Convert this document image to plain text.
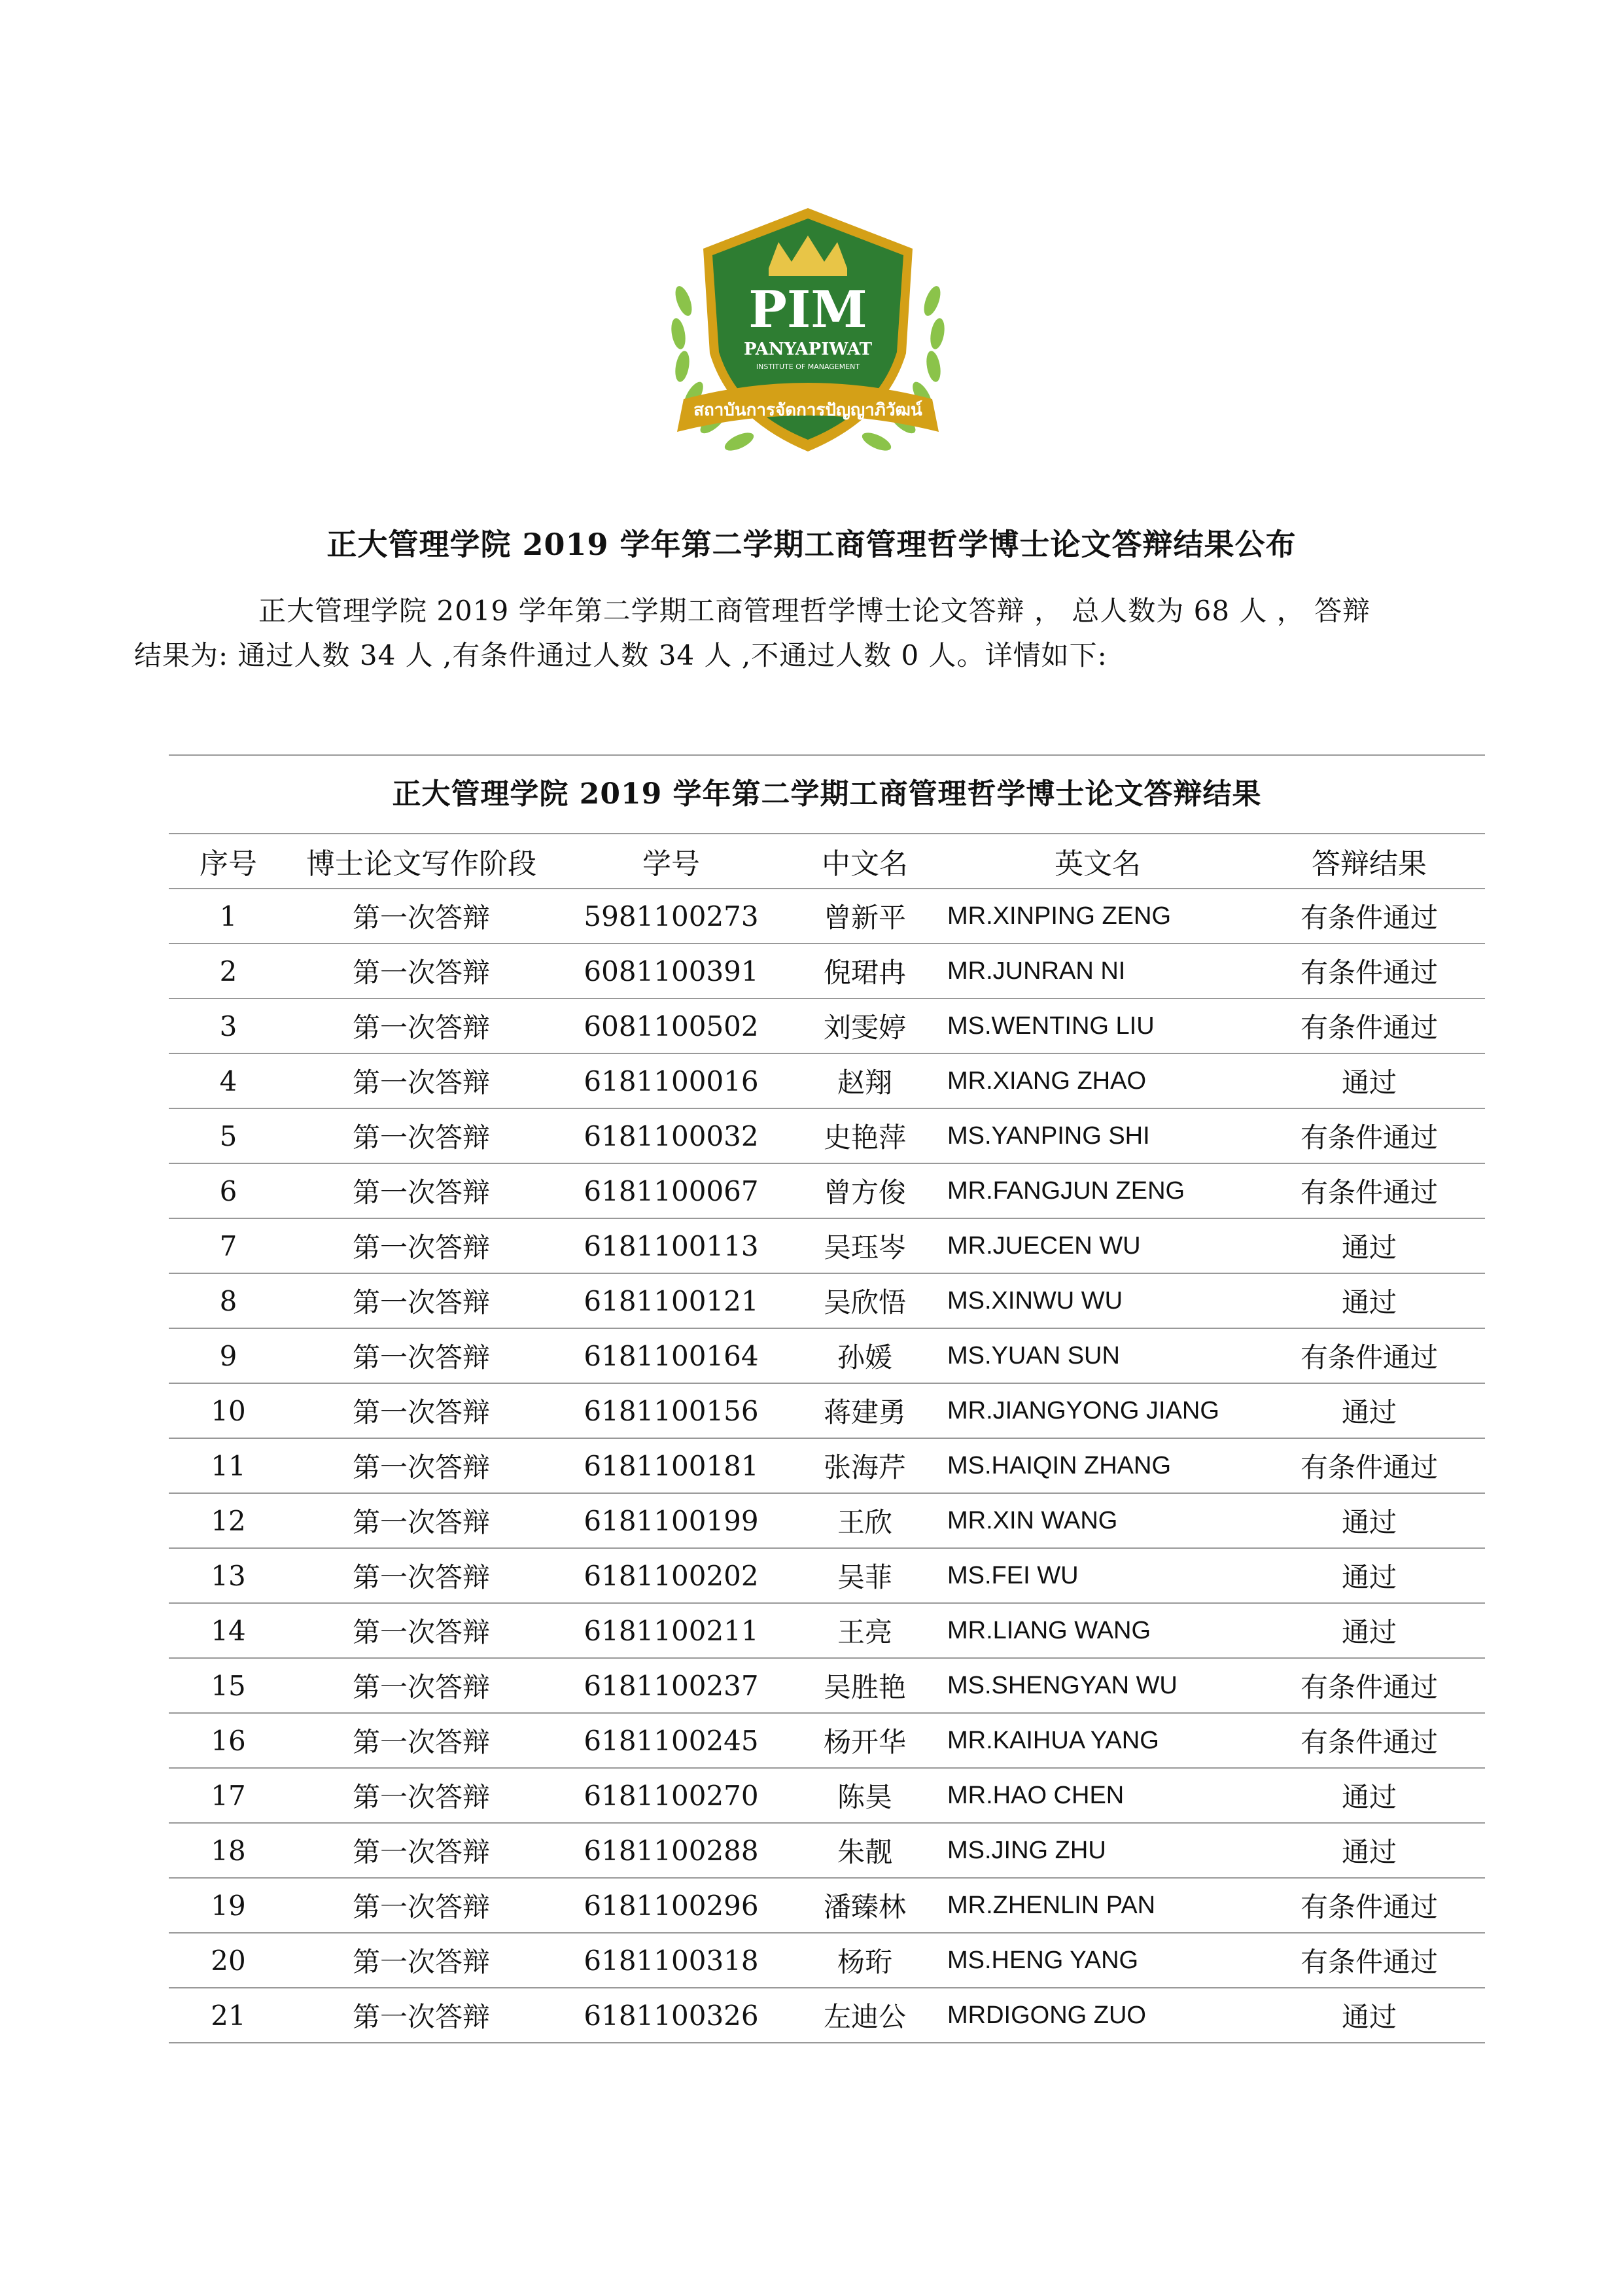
PIM
PANYAPIWAT
INSTITUTE OF MANAGEMENT
สถาบันการจัดการปัญญาภิวัฒน์
正大管理学院 2019 学年第二学期工商管理哲学博士论文答辩结果公布
正大管理学院 2019 学年第二学期工商管理哲学博士论文答辩 ， 总人数为 68 人 ， 答辩
结果为: 通过人数 34 人 ,有条件通过人数 34 人 ,不通过人数 0 人。详情如下:
正大管理学院 2019 学年第二学期工商管理哲学博士论文答辩结果
序号	博士论文写作阶段	学号	中文名	英文名	答辩结果
1	第一次答辩	5981100273	曾新平	MR.XINPING ZENG	有条件通过
2	第一次答辩	6081100391	倪珺冉	MR.JUNRAN NI	有条件通过
3	第一次答辩	6081100502	刘雯婷	MS.WENTING LIU	有条件通过
4	第一次答辩	6181100016	赵翔	MR.XIANG ZHAO	通过
5	第一次答辩	6181100032	史艳萍	MS.YANPING SHI	有条件通过
6	第一次答辩	6181100067	曾方俊	MR.FANGJUN ZENG	有条件通过
7	第一次答辩	6181100113	吴珏岑	MR.JUECEN WU	通过
8	第一次答辩	6181100121	吴欣悟	MS.XINWU WU	通过
9	第一次答辩	6181100164	孙媛	MS.YUAN SUN	有条件通过
10	第一次答辩	6181100156	蒋建勇	MR.JIANGYONG JIANG	通过
11	第一次答辩	6181100181	张海芹	MS.HAIQIN ZHANG	有条件通过
12	第一次答辩	6181100199	王欣	MR.XIN WANG	通过
13	第一次答辩	6181100202	吴菲	MS.FEI WU	通过
14	第一次答辩	6181100211	王亮	MR.LIANG WANG	通过
15	第一次答辩	6181100237	吴胜艳	MS.SHENGYAN WU	有条件通过
16	第一次答辩	6181100245	杨开华	MR.KAIHUA YANG	有条件通过
17	第一次答辩	6181100270	陈昊	MR.HAO CHEN	通过
18	第一次答辩	6181100288	朱靓	MS.JING ZHU	通过
19	第一次答辩	6181100296	潘臻林	MR.ZHENLIN PAN	有条件通过
20	第一次答辩	6181100318	杨珩	MS.HENG YANG	有条件通过
21	第一次答辩	6181100326	左迪公	MRDIGONG ZUO	通过
